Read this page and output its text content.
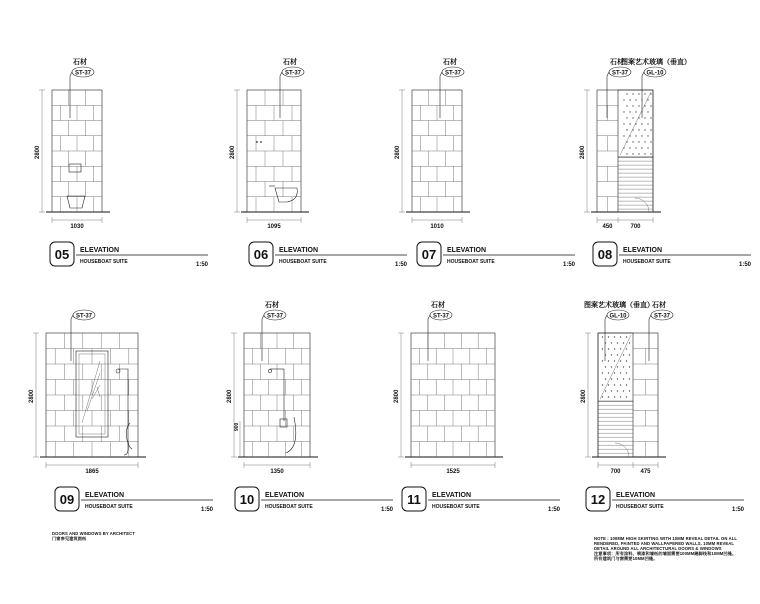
石材
ST-37
2800
1030
05 ELEVATION
HOUSEBOAT SUITE	1:50
石材
ST-37
2800
1095
06 ELEVATION
HOUSEBOAT SUITE	1:50
石材
ST-37
2800
1010
07 ELEVATION
HOUSEBOAT SUITE	1:50
石材
ST-37
图案艺术玻璃（垂直）
GL-10
2800
450	700
08 ELEVATION
HOUSEBOAT SUITE	1:50
ST-37
2800
1865
09 ELEVATION
HOUSEBOAT SUITE	1:50
石材
ST-37
900
2800
1350
10 ELEVATION
HOUSEBOAT SUITE	1:50
石材
ST-37
2800
1525
11 ELEVATION
HOUSEBOAT SUITE	1:50
图案艺术玻璃（垂直）
GL-10
石材
ST-37
2800
700	475
12 ELEVATION
HOUSEBOAT SUITE	1:50
DOORS AND WINDOWS BY ARCHITECT
门窗参见建筑图纸	NOTE : 100MM HIGH SKIRTING WITH 10MM REVEAL DETAIL ON ALL
RENDERED, PAINTED AND WALLPAPERED WALLS. 10MM REVEAL
DETAIL AROUND ALL ARCHITECTURAL DOORS & WINDOWS
注意事项：所有涂料、喷漆和墙纸的墙面需要100MM踢脚线和10MM凹缝。
所有建筑门与窗需要10MM凹缝。
